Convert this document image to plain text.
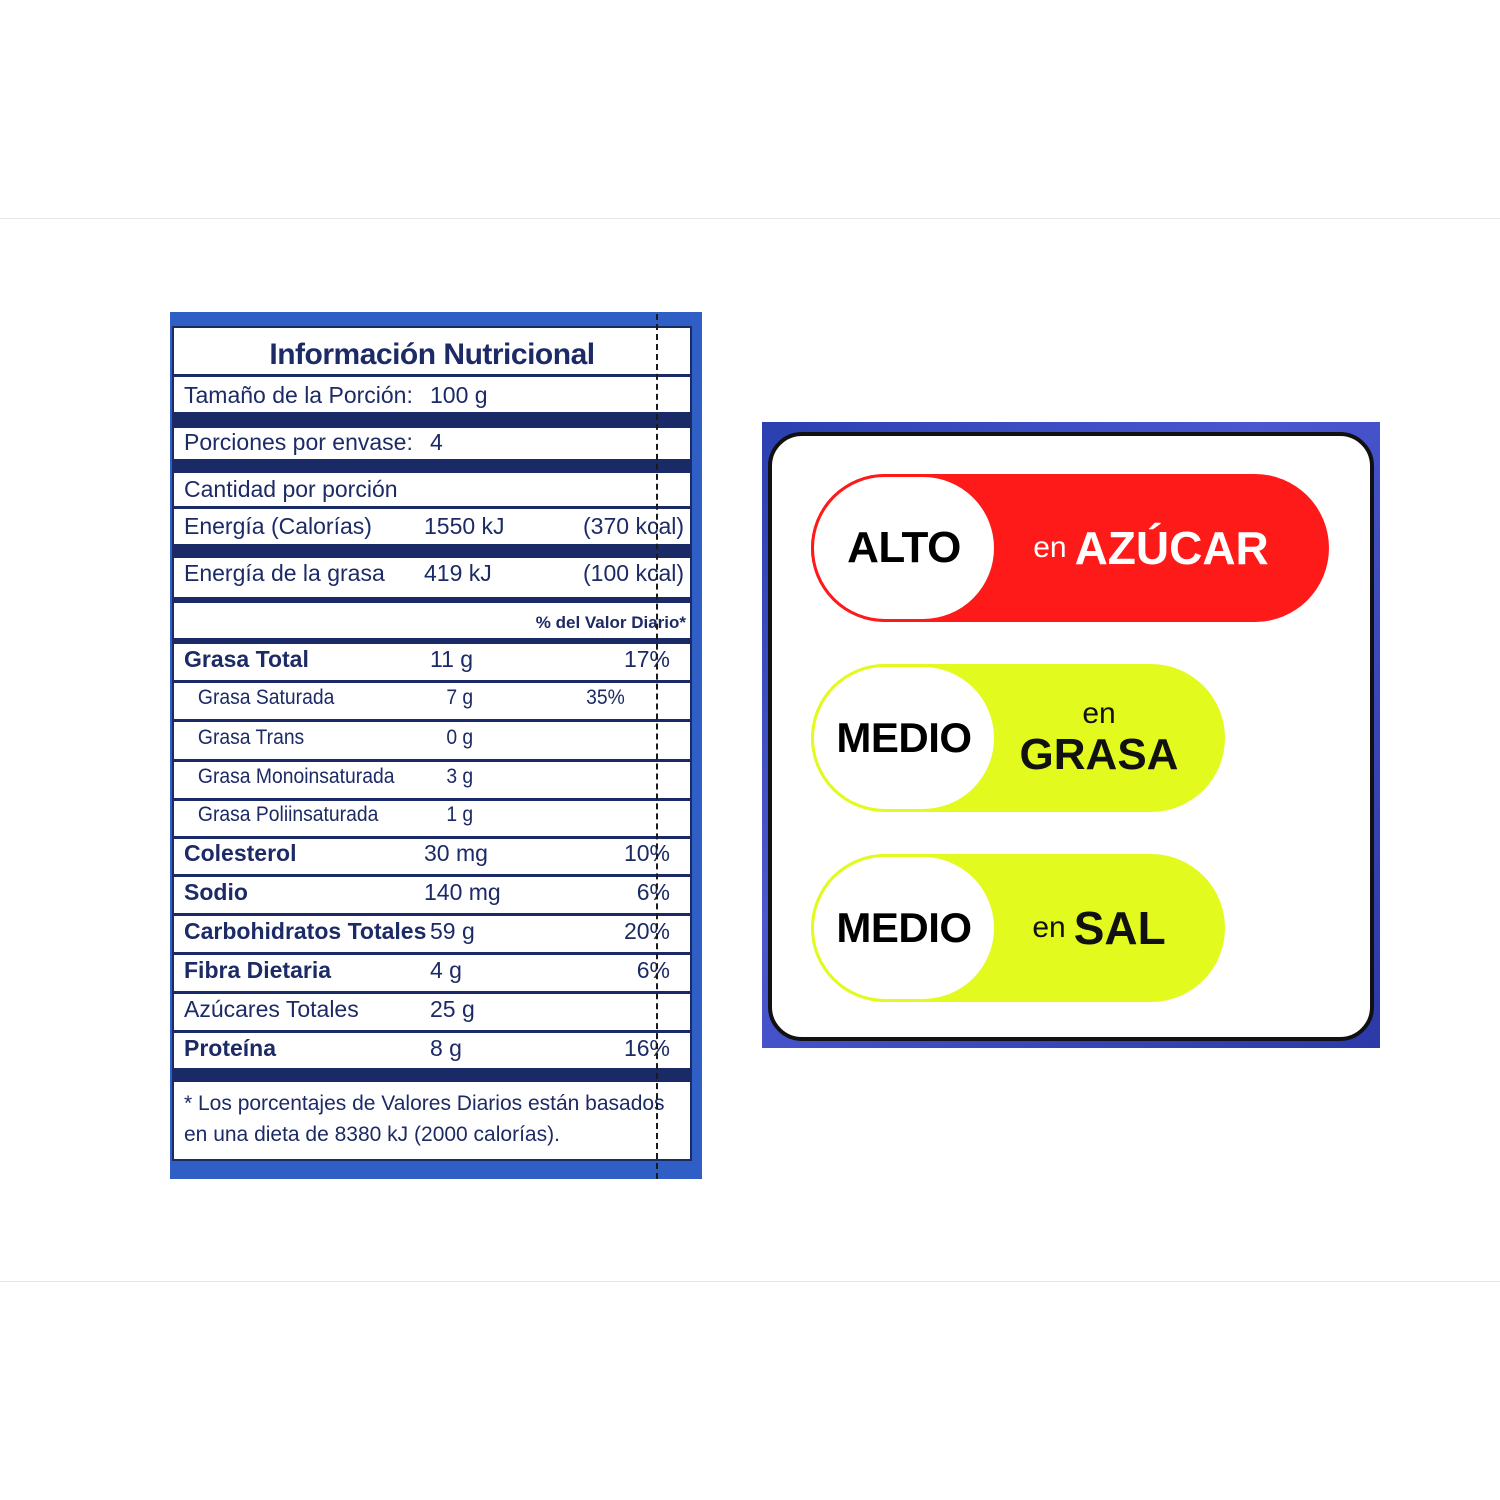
Información Nutricional
Tamaño de la Porción: 100 g
Porciones por envase: 4
Cantidad por porción
Energía (Calorías) 1550 kJ	(370 kcal)
Energía de la grasa 419 kJ	(100 kcal)
% del Valor Diario*
Grasa Total	11 g	17%
Grasa Saturada	7 g	35%
Grasa Trans	0 g
Grasa Monoinsaturada 3 g
Grasa Poliinsaturada	1 g
Colesterol	30 mg	10%
Sodio	140 mg	6%
Carbohidratos Totales 59 g	20%
Fibra Dietaria	4 g	6%
Azúcares Totales	25 g
Proteína	8 g	16%
* Los porcentajes de Valores Diarios están basados en una dieta de 8380 kJ (2000 calorías).
ALTO	en AZÚCAR
MEDIO
en
GRASA
MEDIO	en SAL
